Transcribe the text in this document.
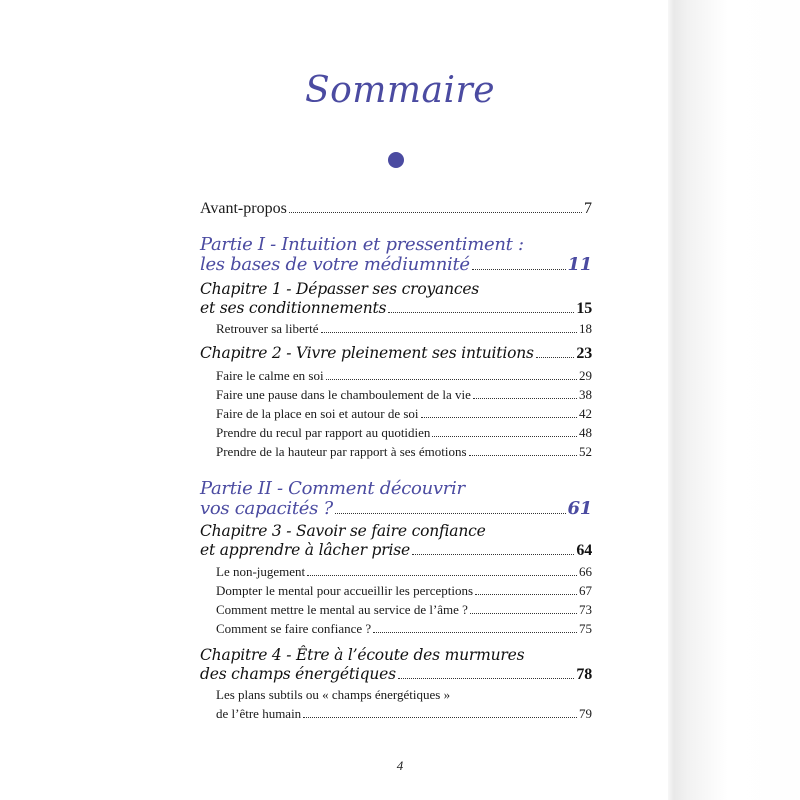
Sommaire
Avant-propos	7
Partie I - Intuition et pressentiment :
les bases de votre médiumnité	11
Chapitre 1 - Dépasser ses croyances
et ses conditionnements	15
Retrouver sa liberté	18
Chapitre 2 - Vivre pleinement ses intuitions	23
Faire le calme en soi	29
Faire une pause dans le chamboulement de la vie	38
Faire de la place en soi et autour de soi	42
Prendre du recul par rapport au quotidien	48
Prendre de la hauteur par rapport à ses émotions	52
Partie II - Comment découvrir
vos capacités ?	61
Chapitre 3 - Savoir se faire confiance
et apprendre à lâcher prise	64
Le non-jugement	66
Dompter le mental pour accueillir les perceptions	67
Comment mettre le mental au service de l’âme ?	73
Comment se faire confiance ?	75
Chapitre 4 - Être à l’écoute des murmures
des champs énergétiques	78
Les plans subtils ou « champs énergétiques »
de l’être humain	79
4
